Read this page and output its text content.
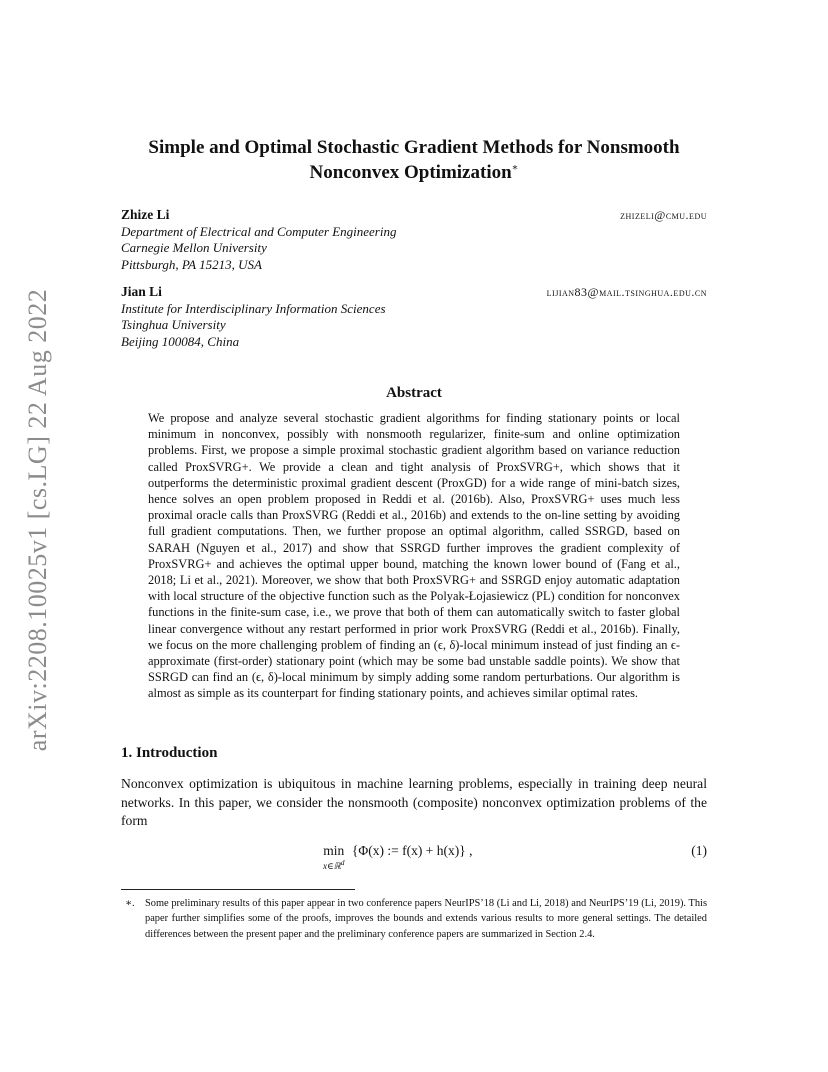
arXiv:2208.10025v1 [cs.LG] 22 Aug 2022
Simple and Optimal Stochastic Gradient Methods for Nonsmooth
Nonconvex Optimization∗
Zhize Li	zhizeli@cmu.edu
Department of Electrical and Computer Engineering
Carnegie Mellon University
Pittsburgh, PA 15213, USA
Jian Li	lijian83@mail.tsinghua.edu.cn
Institute for Interdisciplinary Information Sciences
Tsinghua University
Beijing 100084, China
Abstract
We propose and analyze several stochastic gradient algorithms for finding stationary points or local minimum in nonconvex, possibly with nonsmooth regularizer, finite-sum and online optimization problems. First, we propose a simple proximal stochastic gradient algorithm based on variance reduction called ProxSVRG+. We provide a clean and tight analysis of ProxSVRG+, which shows that it outperforms the deterministic proximal gradient descent (ProxGD) for a wide range of mini-batch sizes, hence solves an open problem proposed in Reddi et al. (2016b). Also, ProxSVRG+ uses much less proximal oracle calls than ProxSVRG (Reddi et al., 2016b) and extends to the on-line setting by avoiding full gradient computations. Then, we further propose an optimal algorithm, called SSRGD, based on SARAH (Nguyen et al., 2017) and show that SSRGD further improves the gradient complexity of ProxSVRG+ and achieves the optimal upper bound, matching the known lower bound of (Fang et al., 2018; Li et al., 2021). Moreover, we show that both ProxSVRG+ and SSRGD enjoy automatic adaptation with local structure of the objective function such as the Polyak-Łojasiewicz (PL) condition for nonconvex functions in the finite-sum case, i.e., we prove that both of them can automatically switch to faster global linear convergence without any restart performed in prior work ProxSVRG (Reddi et al., 2016b). Finally, we focus on the more challenging problem of finding an (ϵ, δ)-local minimum instead of just finding an ϵ-approximate (first-order) stationary point (which may be some bad unstable saddle points). We show that SSRGD can find an (ϵ, δ)-local minimum by simply adding some random perturbations. Our algorithm is almost as simple as its counterpart for finding stationary points, and achieves similar optimal rates.
1. Introduction
Nonconvex optimization is ubiquitous in machine learning problems, especially in training deep neural networks. In this paper, we consider the nonsmooth (composite) nonconvex optimization problems of the form
min
x∈ℝ$^d$
{Φ(x) := f(x) + h(x)} ,	(1)
∗. Some preliminary results of this paper appear in two conference papers NeurIPS’18 (Li and Li, 2018) and NeurIPS’19 (Li, 2019). This paper further simplifies some of the proofs, improves the bounds and extends various results to more general settings. The detailed differences between the present paper and the preliminary conference papers are summarized in Section 2.4.
